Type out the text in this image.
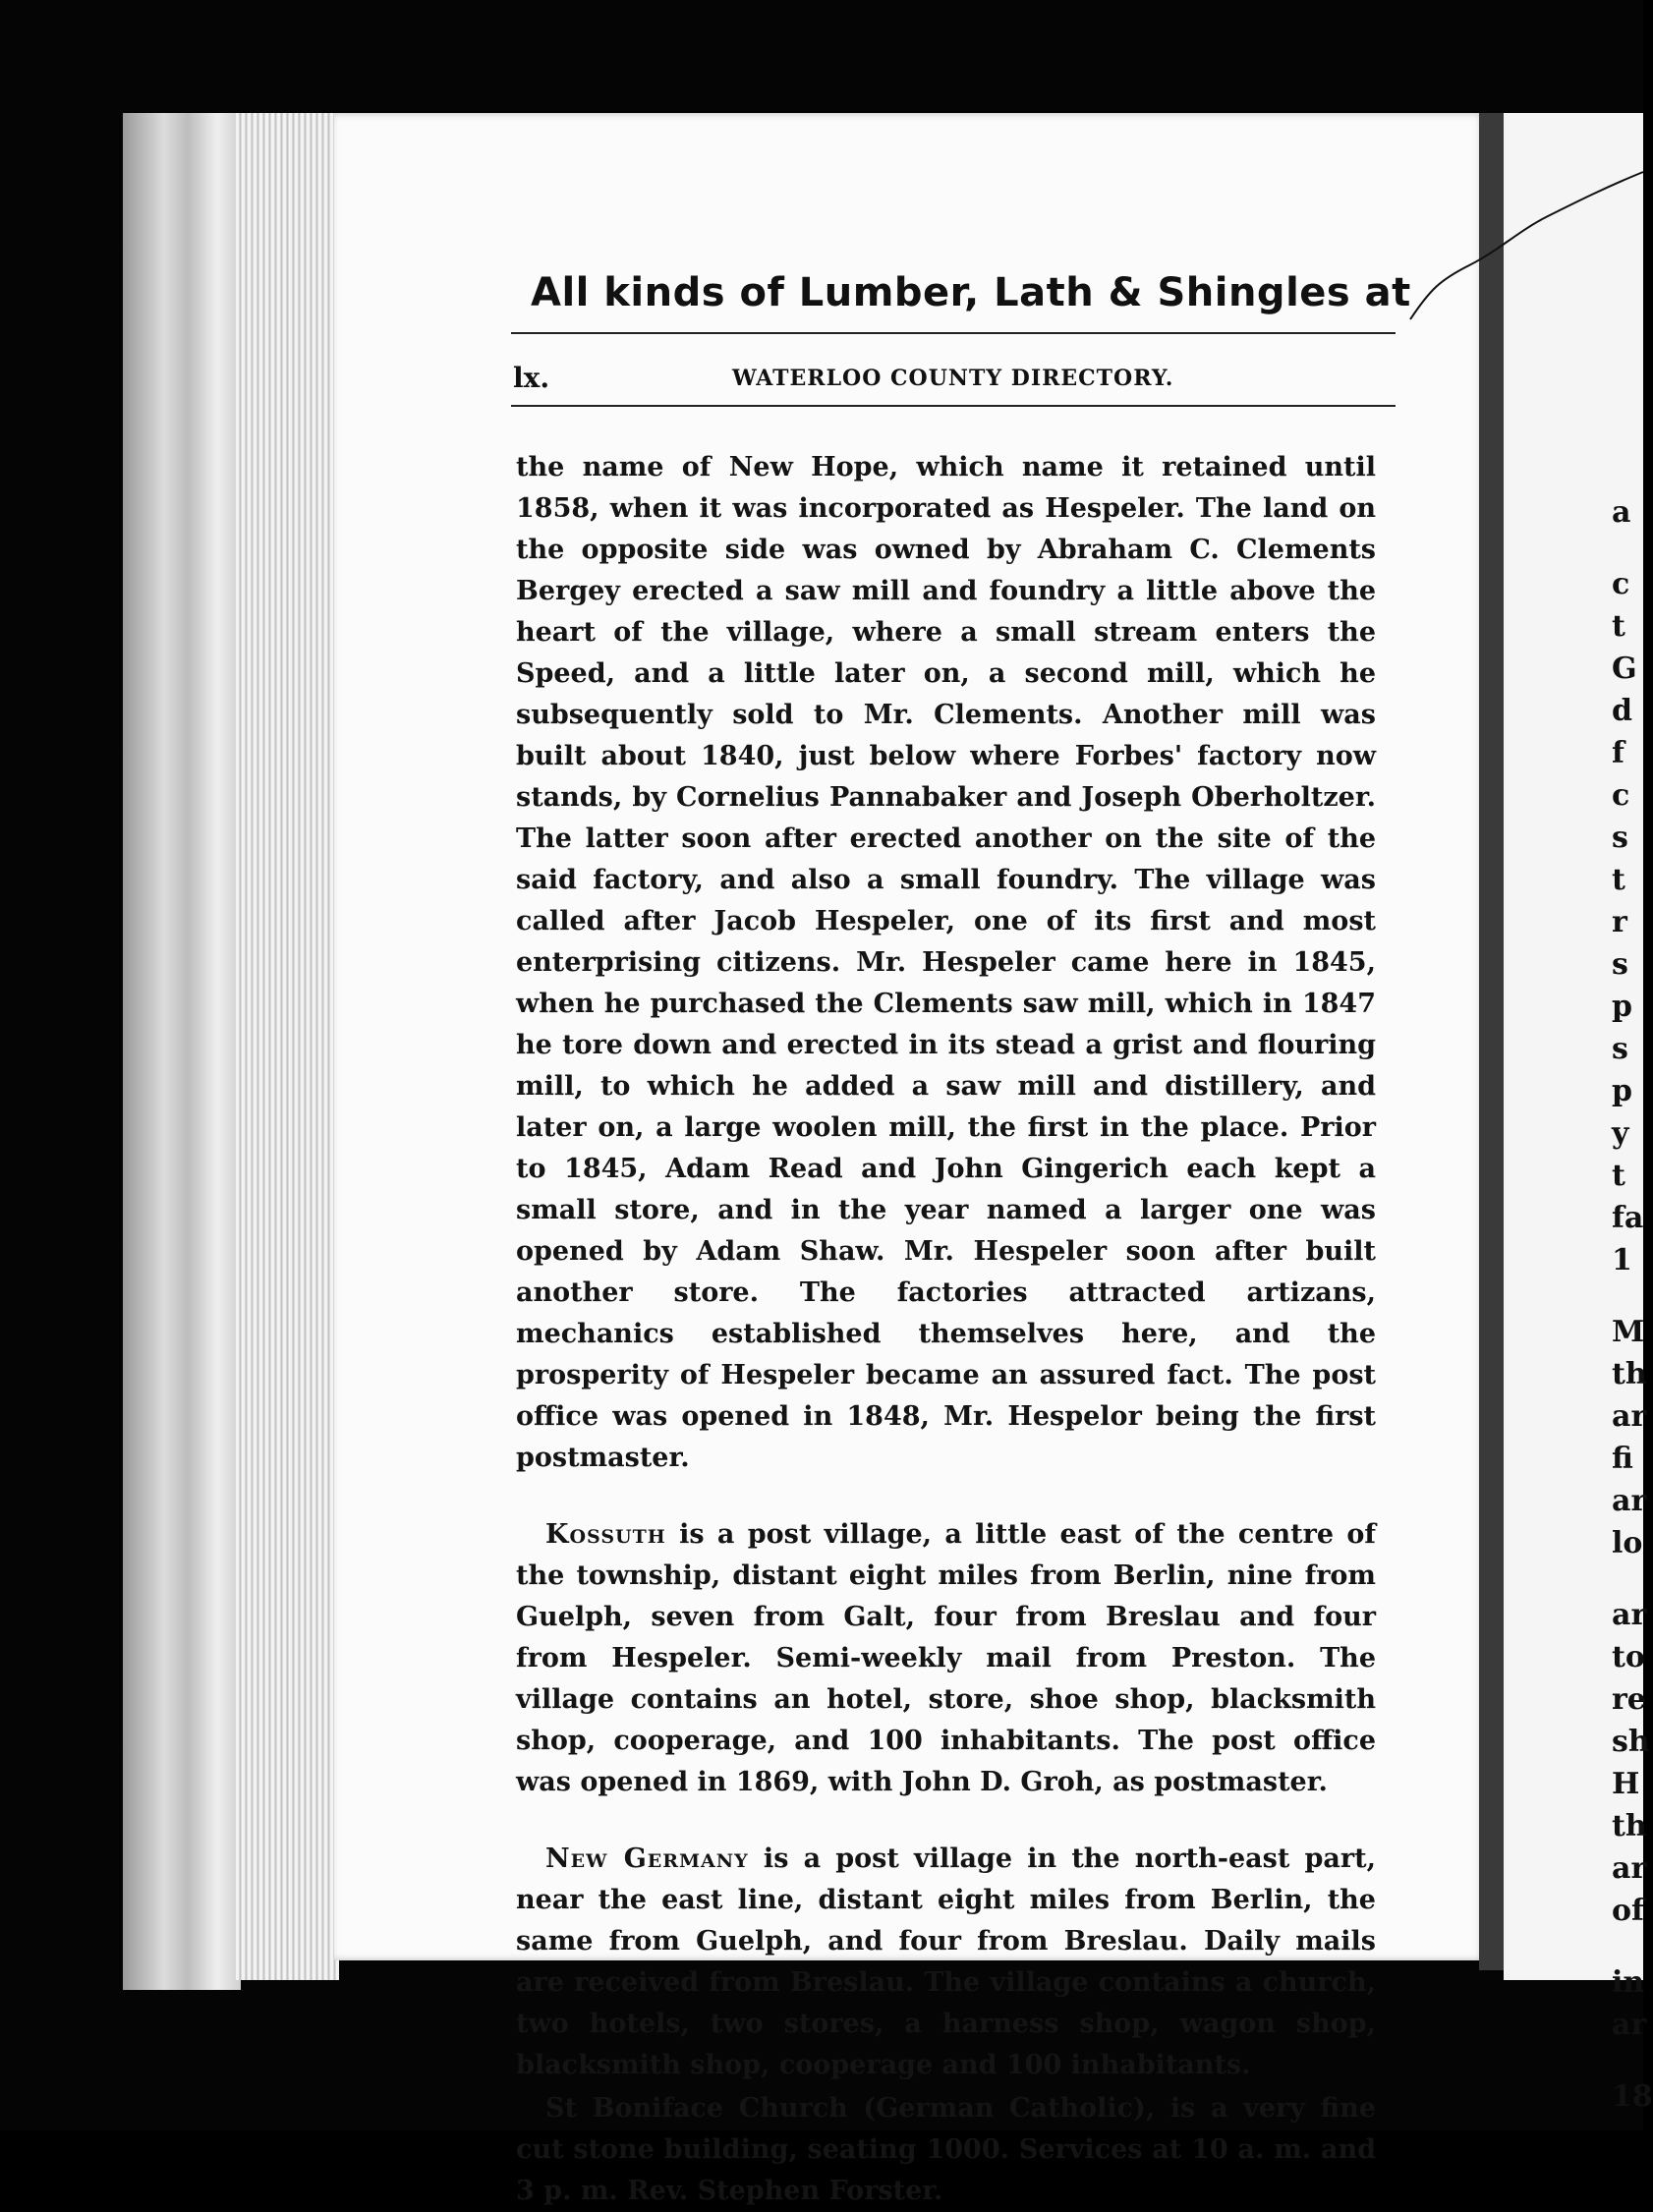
a
c
t
G
d
f
c
s
t
r
s
p
s
p
y
t
fa
1
M
th
ar
fi
ar
lo
ar
to
re
sh
H
th
ar
of
in
ar
18
All kinds of Lumber, Lath & Shingles at
lx.	WATERLOO COUNTY DIRECTORY.

the name of New Hope, which name it retained until 1858, when it was incorporated as Hespeler. The land on the opposite side was owned by Abraham C. Clements Bergey erected a saw mill and foundry a little above the heart of the village, where a small stream enters the Speed, and a little later on, a second mill, which he subsequently sold to Mr. Clements. Another mill was built about 1840, just below where Forbes' factory now stands, by Cornelius Pannabaker and Joseph Oberholtzer. The latter soon after erected another on the site of the said factory, and also a small foundry. The village was called after Jacob Hespeler, one of its first and most enterprising citizens. Mr. Hespeler came here in 1845, when he purchased the Clements saw mill, which in 1847 he tore down and erected in its stead a grist and flouring mill, to which he added a saw mill and distillery, and later on, a large woolen mill, the first in the place. Prior to 1845, Adam Read and John Gingerich each kept a small store, and in the year named a larger one was opened by Adam Shaw. Mr. Hespeler soon after built another store. The factories attracted artizans, mechanics established themselves here, and the prosperity of Hespeler became an assured fact. The post office was opened in 1848, Mr. Hespelor being the first postmaster.

Kossuth is a post village, a little east of the centre of the township, distant eight miles from Berlin, nine from Guelph, seven from Galt, four from Breslau and four from Hespeler. Semi-weekly mail from Preston. The village contains an hotel, store, shoe shop, blacksmith shop, cooperage, and 100 inhabitants. The post office was opened in 1869, with John D. Groh, as postmaster.

New Germany is a post village in the north-east part, near the east line, distant eight miles from Berlin, the same from Guelph, and four from Breslau. Daily mails are received from Breslau. The village contains a church, two hotels, two stores, a harness shop, wagon shop, blacksmith shop, cooperage and 100 inhabitants.

St Boniface Church (German Catholic), is a very fine cut stone building, seating 1000. Services at 10 a. m. and 3 p. m. Rev. Stephen Forster.
